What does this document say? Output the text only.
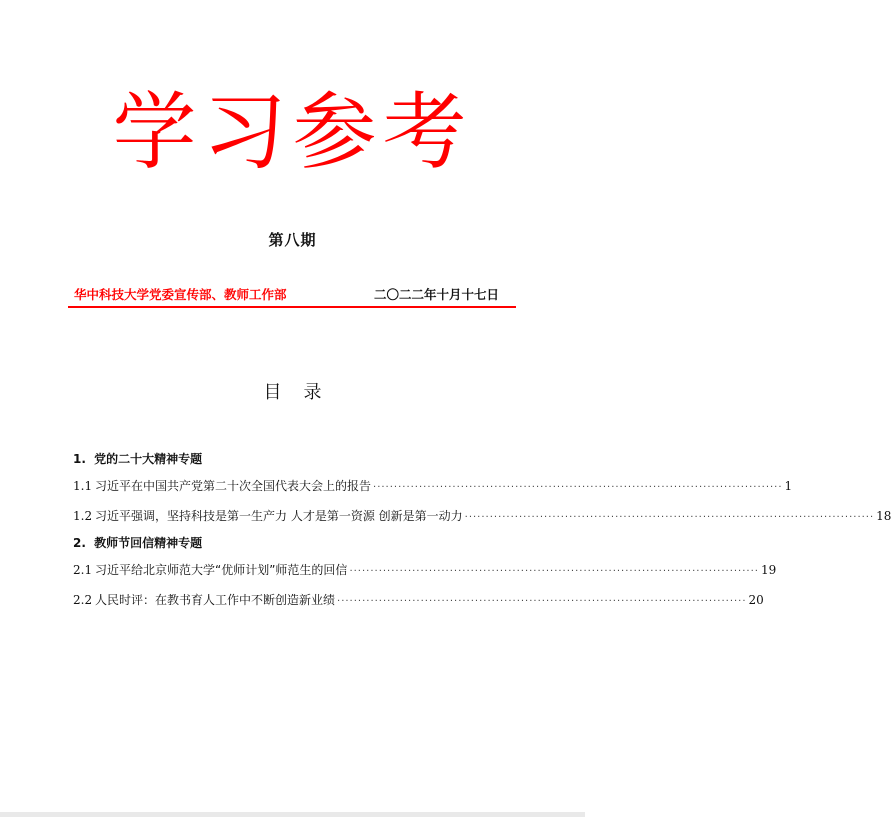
学习参考
第八期
华中科技大学党委宣传部、教师工作部	二〇二二年十月十七日
目录
1. 党的二十大精神专题
1.1 习近平在中国共产党第二十次全国代表大会上的报告 ·································································································· 1
1.2 习近平强调，坚持科技是第一生产力 人才是第一资源 创新是第一动力 ·································································································· 18
2. 教师节回信精神专题
2.1 习近平给北京师范大学“优师计划”师范生的回信 ·································································································· 19
2.2 人民时评：在教书育人工作中不断创造新业绩 ·································································································· 20
